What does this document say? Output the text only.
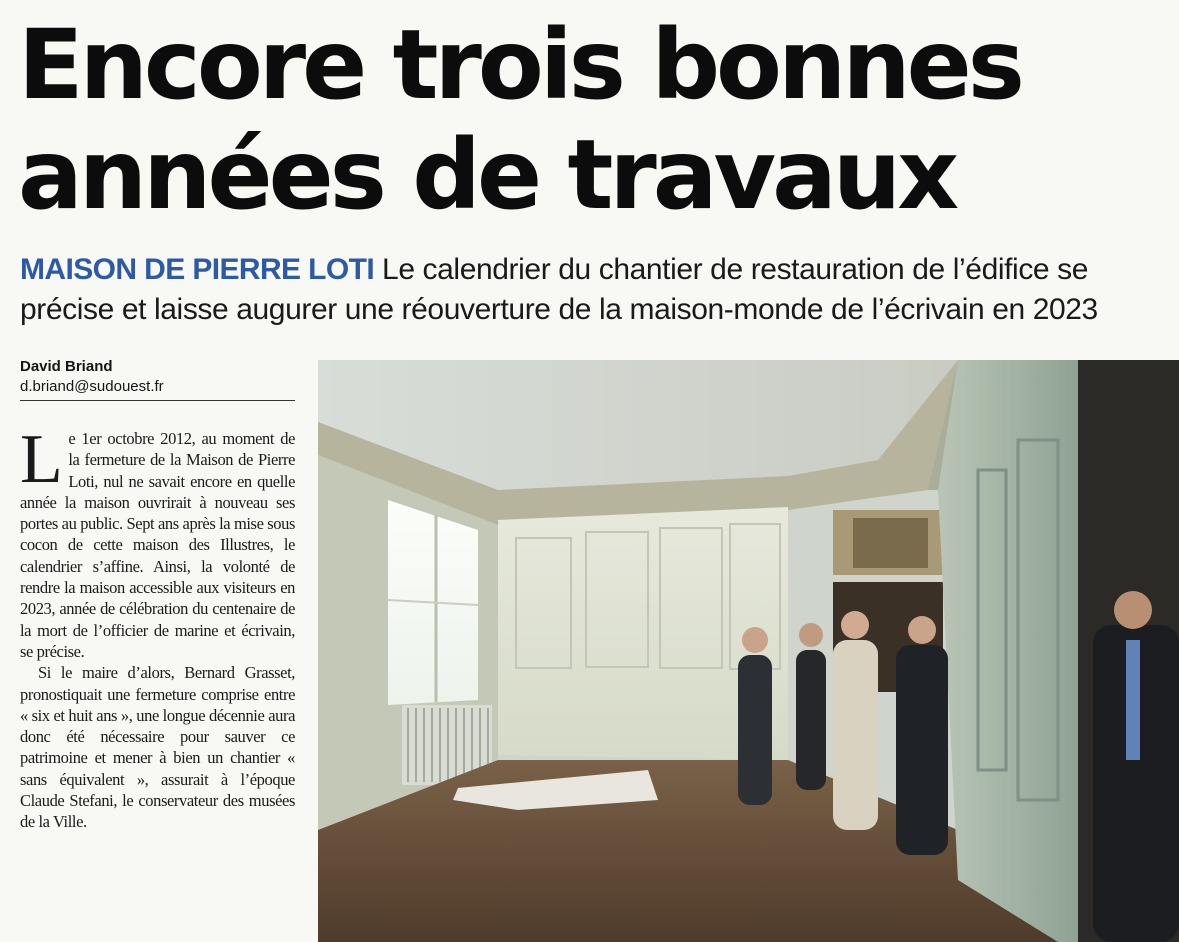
Encore trois bonnes
années de travaux
MAISON DE PIERRE LOTI Le calendrier du chantier de restauration de l’édifice se précise et laisse augurer une réouverture de la maison-monde de l’écrivain en 2023
David Briand
d.briand@sudouest.fr
L e 1er octobre 2012, au moment de la fermeture de la Maison de Pierre Loti, nul ne savait encore en quelle année la maison ouvrirait à nouveau ses portes au public. Sept ans après la mise sous cocon de cette maison des Illustres, le calendrier s’affine. Ainsi, la volonté de rendre la maison accessible aux visiteurs en 2023, année de célébration du centenaire de la mort de l’officier de marine et écrivain, se précise.

Si le maire d’alors, Bernard Grasset, pronostiquait une fermeture comprise entre « six et huit ans », une longue décennie aura donc été nécessaire pour sauver ce patrimoine et mener à bien un chantier « sans équivalent », assurait à l’époque Claude Stefani, le conservateur des musées de la Ville.
